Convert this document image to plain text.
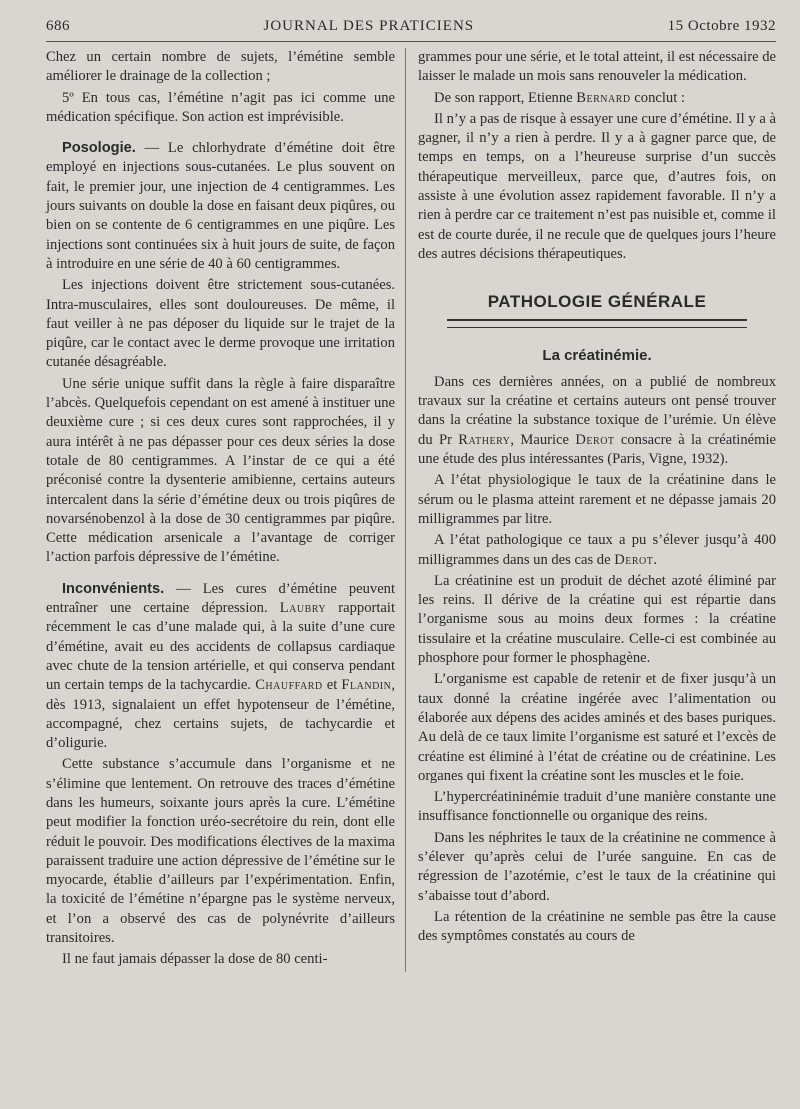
686	JOURNAL DES PRATICIENS	15 Octobre 1932

Chez un certain nombre de sujets, l’émétine semble améliorer le drainage de la collection ;

5º En tous cas, l’émétine n’agit pas ici comme une médication spécifique. Son action est imprévisible.

Posologie. — Le chlorhydrate d’émétine doit être employé en injections sous-cutanées. Le plus souvent on fait, le premier jour, une injection de 4 centigrammes. Les jours suivants on double la dose en faisant deux piqûres, ou bien on se contente de 6 centigrammes en une piqûre. Les injections sont continuées six à huit jours de suite, de façon à introduire en une série de 40 à 60 centigrammes.

Les injections doivent être strictement sous-cutanées. Intra-musculaires, elles sont douloureuses. De même, il faut veiller à ne pas déposer du liquide sur le trajet de la piqûre, car le contact avec le derme provoque une irritation cutanée désagréable.

Une série unique suffit dans la règle à faire disparaître l’abcès. Quelquefois cependant on est amené à instituer une deuxième cure ; si ces deux cures sont rapprochées, il y aura intérêt à ne pas dépasser pour ces deux séries la dose totale de 80 centigrammes. A l’instar de ce qui a été préconisé contre la dysenterie amibienne, certains auteurs intercalent dans la série d’émétine deux ou trois piqûres de novarsénobenzol à la dose de 30 centigrammes par piqûre. Cette médication arsenicale a l’avantage de corriger l’action parfois dépressive de l’émétine.

Inconvénients. — Les cures d’émétine peuvent entraîner une certaine dépression. Laubry rapportait récemment le cas d’une malade qui, à la suite d’une cure d’émétine, avait eu des accidents de collapsus cardiaque avec chute de la tension artérielle, et qui conserva pendant un certain temps de la tachycardie. Chauffard et Flandin, dès 1913, signalaient un effet hypotenseur de l’émétine, accompagné, chez certains sujets, de tachycardie et d’oligurie.

Cette substance s’accumule dans l’organisme et ne s’élimine que lentement. On retrouve des traces d’émétine dans les humeurs, soixante jours après la cure. L’émétine peut modifier la fonction uréo-secrétoire du rein, dont elle réduit le pouvoir. Des modifications électives de la maxima paraissent traduire une action dépressive de l’émétine sur le myocarde, établie d’ailleurs par l’expérimentation. Enfin, la toxicité de l’émétine n’épargne pas le système nerveux, et l’on a observé des cas de polynévrite d’ailleurs transitoires.

Il ne faut jamais dépasser la dose de 80 centi-

grammes pour une série, et le total atteint, il est nécessaire de laisser le malade un mois sans renouveler la médication.

De son rapport, Etienne Bernard conclut :

Il n’y a pas de risque à essayer une cure d’émétine. Il y a à gagner, il n’y a rien à perdre. Il y a à gagner parce que, de temps en temps, on a l’heureuse surprise d’un succès thérapeutique merveilleux, parce que, d’autres fois, on assiste à une évolution assez rapidement favorable. Il n’y a rien à perdre car ce traitement n’est pas nuisible et, comme il est de courte durée, il ne recule que de quelques jours l’heure des autres décisions thérapeutiques.

PATHOLOGIE GÉNÉRALE
La créatinémie.

Dans ces dernières années, on a publié de nombreux travaux sur la créatine et certains auteurs ont pensé trouver dans la créatine la substance toxique de l’urémie. Un élève du Pr Rathery, Maurice Derot consacre à la créatinémie une étude des plus intéressantes (Paris, Vigne, 1932).

A l’état physiologique le taux de la créatinine dans le sérum ou le plasma atteint rarement et ne dépasse jamais 20 milligrammes par litre.

A l’état pathologique ce taux a pu s’élever jusqu’à 400 milligrammes dans un des cas de Derot.

La créatinine est un produit de déchet azoté éliminé par les reins. Il dérive de la créatine qui est répartie dans l’organisme sous au moins deux formes : la créatine tissulaire et la créatine musculaire. Celle-ci est combinée au phosphore pour former le phosphagène.

L’organisme est capable de retenir et de fixer jusqu’à un taux donné la créatine ingérée avec l’alimentation ou élaborée aux dépens des acides aminés et des bases puriques. Au delà de ce taux limite l’organisme est saturé et l’excès de créatine est éliminé à l’état de créatine ou de créatinine. Les organes qui fixent la créatine sont les muscles et le foie.

L’hypercréatininémie traduit d’une manière constante une insuffisance fonctionnelle ou organique des reins.

Dans les néphrites le taux de la créatinine ne commence à s’élever qu’après celui de l’urée sanguine. En cas de régression de l’azotémie, c’est le taux de la créatinine qui s’abaisse tout d’abord.

La rétention de la créatinine ne semble pas être la cause des symptômes constatés au cours de
